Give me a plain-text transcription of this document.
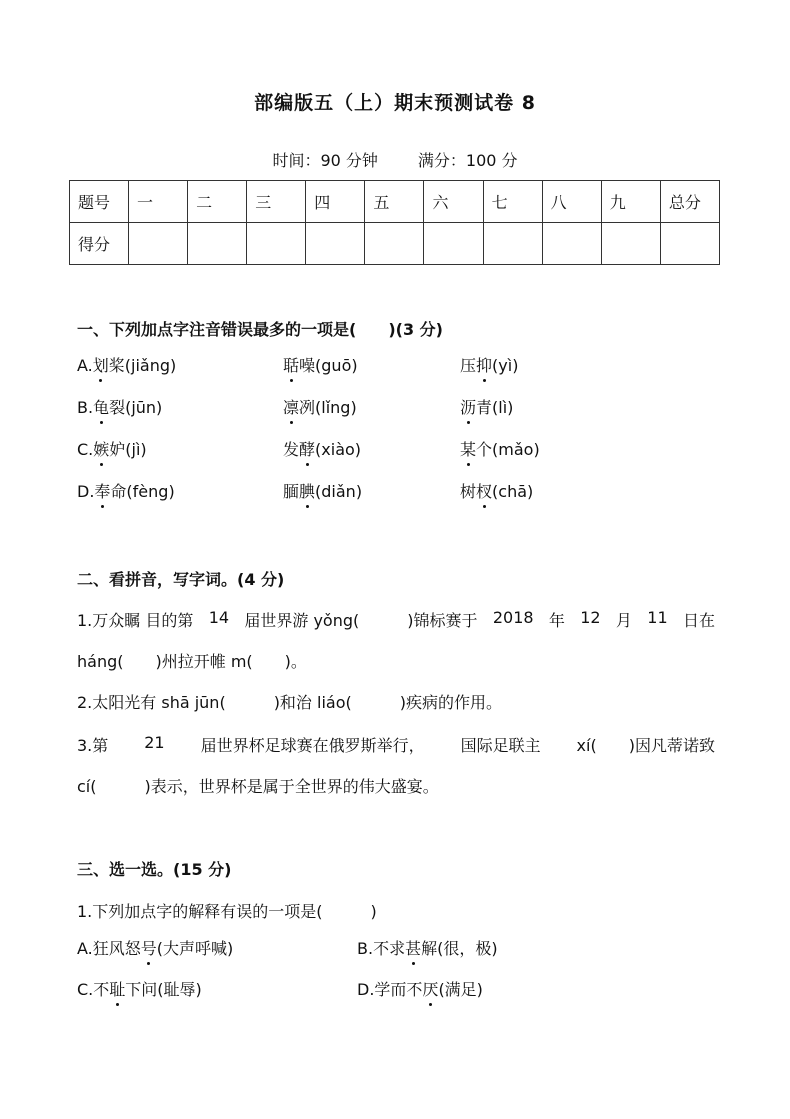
部编版五（上）期末预测试卷 8
时间：90 分钟	满分：100 分
题号	一	二	三	四	五	六	七	八	九	总分
得分										
一、下列加点字注音错误最多的一项是(　　)(3 分)
A.划桨(jiǎng)	聒噪(guō)	压抑(yì)
B.龟裂(jūn)	凛冽(lǐng)	沥青(lì)
C.嫉妒(jì)	发酵(xiào)	某个(mǎo)
D.奉命(fèng)	腼腆(diǎn)	树杈(chā)
二、看拼音，写字词。(4 分)
1.万众瞩 目的第 14 届世界游 yǒng(　　　)锦标赛于 2018 年 12 月 11 日在
háng(　　)州拉开帷 m(　　)。
2.太阳光有 shā jūn(　　　)和治 liáo(　　　)疾病的作用。
3.第 21 届世界杯足球赛在俄罗斯举行， 国际足联主 xí(　　)因凡蒂诺致
cí(　　　)表示，世界杯是属于全世界的伟大盛宴。
三、选一选。(15 分)
1.下列加点字的解释有误的一项是(　　　)
A.狂风怒号(大声呼喊)	B.不求甚解(很，极)
C.不耻下问(耻辱)	D.学而不厌(满足)
